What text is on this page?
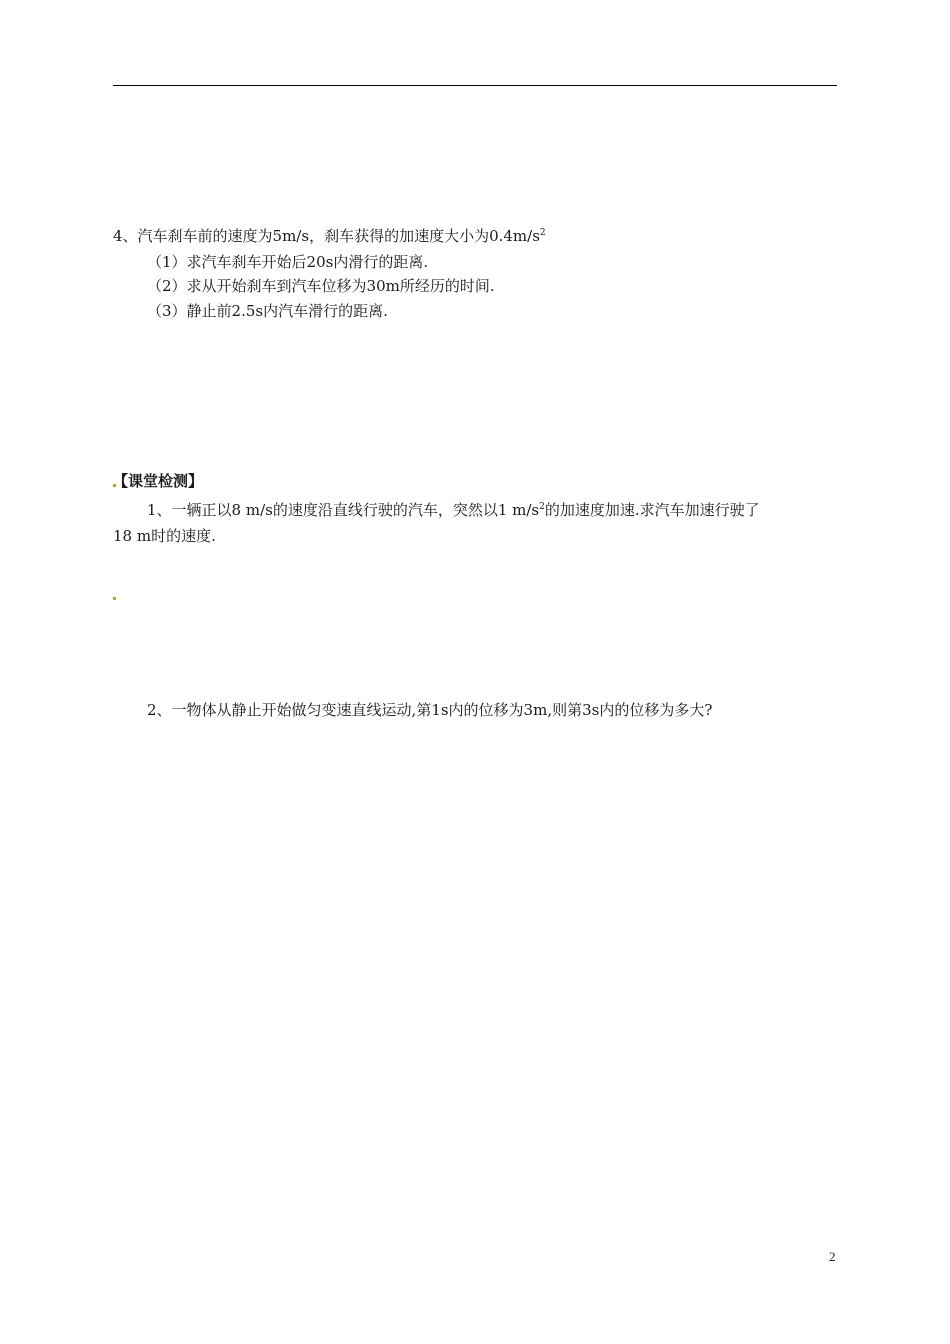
4、汽车刹车前的速度为5m/s，刹车获得的加速度大小为$0.4m/s^2$
（1）求汽车刹车开始后20s内滑行的距离.
（2）求从开始刹车到汽车位移为30m所经历的时间.
（3）静止前2.5s内汽车滑行的距离.
【课堂检测】
1、一辆正以8 m/s的速度沿直线行驶的汽车，突然以1 $m/s^2$的加速度加速.求汽车加速行驶了
18 m时的速度.
2、一物体从静止开始做匀变速直线运动,第1s内的位移为3m,则第3s内的位移为多大?
2
